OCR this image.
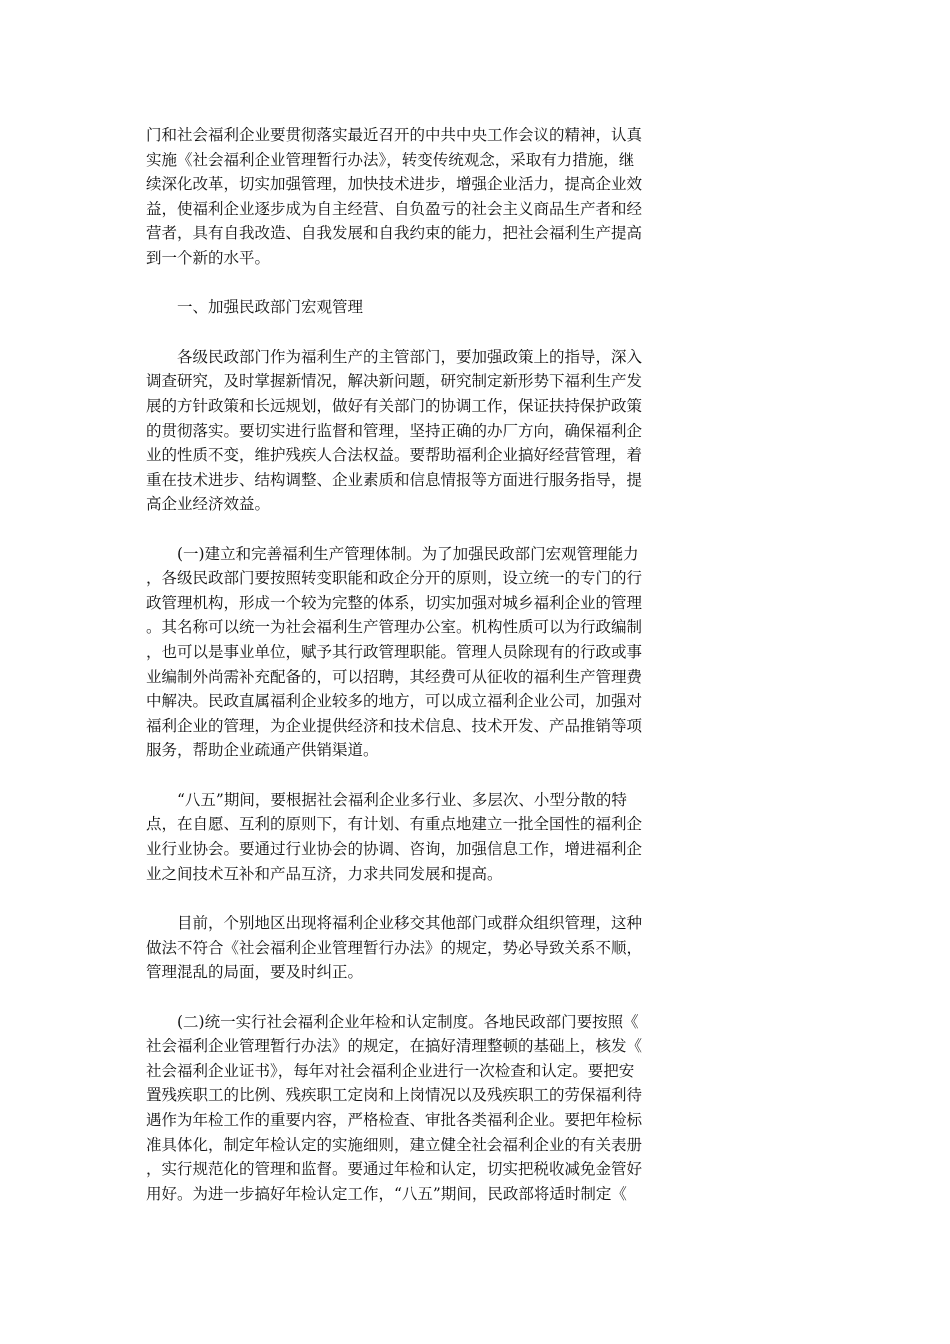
门和社会福利企业要贯彻落实最近召开的中共中央工作会议的精神，认真
实施《社会福利企业管理暂行办法》，转变传统观念，采取有力措施，继
续深化改革，切实加强管理，加快技术进步，增强企业活力，提高企业效
益，使福利企业逐步成为自主经营、自负盈亏的社会主义商品生产者和经
营者，具有自我改造、自我发展和自我约束的能力，把社会福利生产提高
到一个新的水平。
一、加强民政部门宏观管理
各级民政部门作为福利生产的主管部门，要加强政策上的指导，深入
调查研究，及时掌握新情况，解决新问题，研究制定新形势下福利生产发
展的方针政策和长远规划，做好有关部门的协调工作，保证扶持保护政策
的贯彻落实。要切实进行监督和管理，坚持正确的办厂方向，确保福利企
业的性质不变，维护残疾人合法权益。要帮助福利企业搞好经营管理，着
重在技术进步、结构调整、企业素质和信息情报等方面进行服务指导，提
高企业经济效益。
(一)建立和完善福利生产管理体制。为了加强民政部门宏观管理能力
，各级民政部门要按照转变职能和政企分开的原则，设立统一的专门的行
政管理机构，形成一个较为完整的体系，切实加强对城乡福利企业的管理
。其名称可以统一为社会福利生产管理办公室。机构性质可以为行政编制
，也可以是事业单位，赋予其行政管理职能。管理人员除现有的行政或事
业编制外尚需补充配备的，可以招聘，其经费可从征收的福利生产管理费
中解决。民政直属福利企业较多的地方，可以成立福利企业公司，加强对
福利企业的管理，为企业提供经济和技术信息、技术开发、产品推销等项
服务，帮助企业疏通产供销渠道。
“八五”期间，要根据社会福利企业多行业、多层次、小型分散的特
点，在自愿、互利的原则下，有计划、有重点地建立一批全国性的福利企
业行业协会。要通过行业协会的协调、咨询，加强信息工作，增进福利企
业之间技术互补和产品互济，力求共同发展和提高。
目前，个别地区出现将福利企业移交其他部门或群众组织管理，这种
做法不符合《社会福利企业管理暂行办法》的规定，势必导致关系不顺，
管理混乱的局面，要及时纠正。
(二)统一实行社会福利企业年检和认定制度。各地民政部门要按照《
社会福利企业管理暂行办法》的规定，在搞好清理整顿的基础上，核发《
社会福利企业证书》，每年对社会福利企业进行一次检查和认定。要把安
置残疾职工的比例、残疾职工定岗和上岗情况以及残疾职工的劳保福利待
遇作为年检工作的重要内容，严格检查、审批各类福利企业。要把年检标
准具体化，制定年检认定的实施细则，建立健全社会福利企业的有关表册
，实行规范化的管理和监督。要通过年检和认定，切实把税收减免金管好
用好。为进一步搞好年检认定工作，“八五”期间，民政部将适时制定《
